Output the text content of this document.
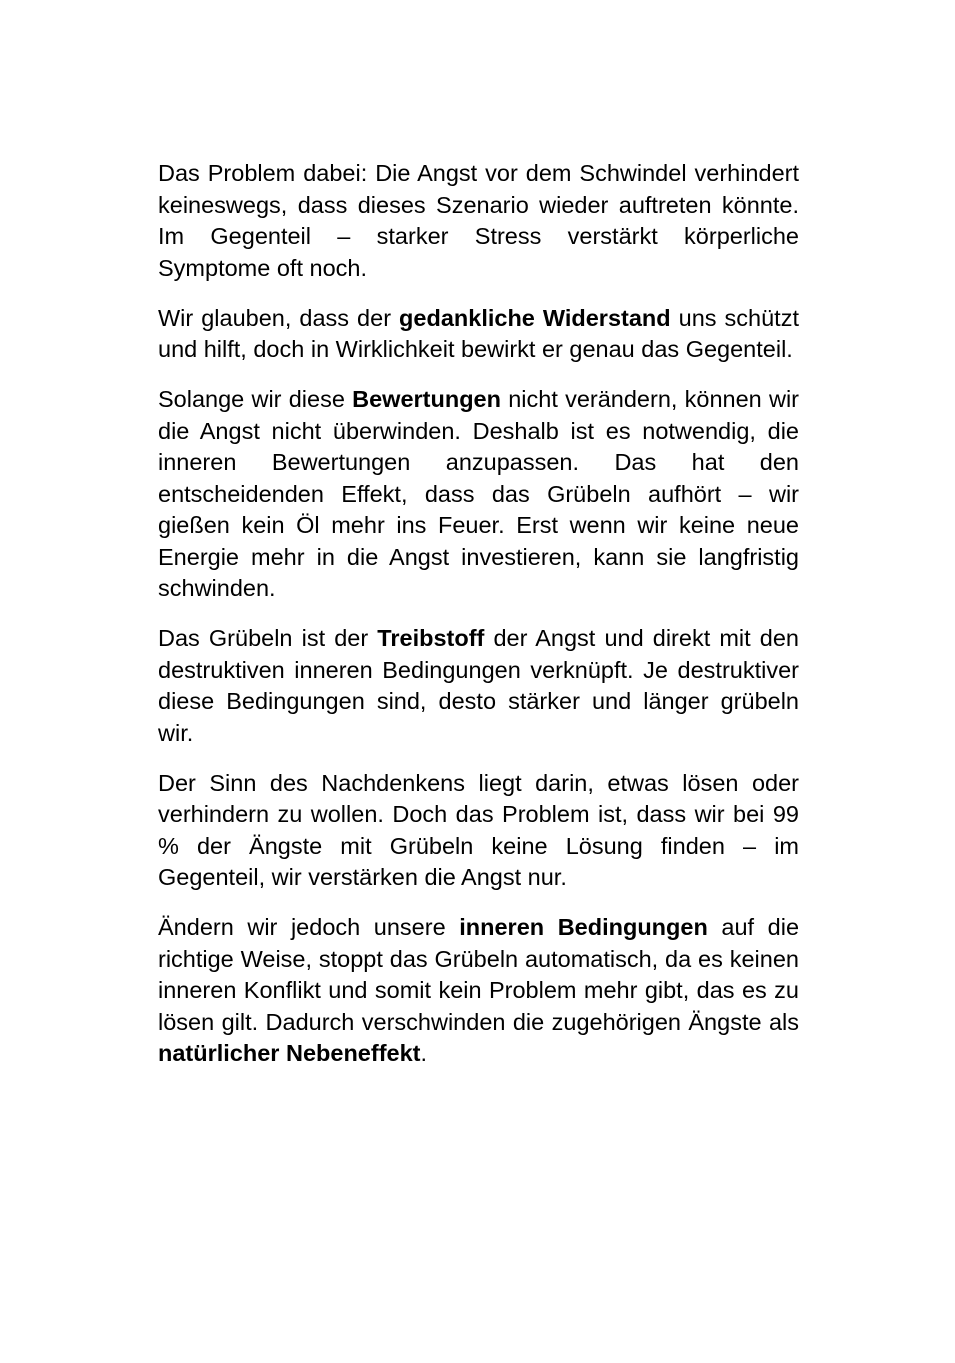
Das Problem dabei: Die Angst vor dem Schwindel verhindert keineswegs, dass dieses Szenario wieder auftreten könnte. Im Gegenteil – starker Stress verstärkt körperliche Symptome oft noch.

Wir glauben, dass der gedankliche Widerstand uns schützt und hilft, doch in Wirklichkeit bewirkt er genau das Gegenteil.

Solange wir diese Bewertungen nicht verändern, können wir die Angst nicht überwinden. Deshalb ist es notwendig, die inneren Bewertungen anzupassen. Das hat den entscheidenden Effekt, dass das Grübeln aufhört – wir gießen kein Öl mehr ins Feuer. Erst wenn wir keine neue Energie mehr in die Angst investieren, kann sie langfristig schwinden.

Das Grübeln ist der Treibstoff der Angst und direkt mit den destruktiven inneren Bedingungen verknüpft. Je destruktiver diese Bedingungen sind, desto stärker und länger grübeln wir.

Der Sinn des Nachdenkens liegt darin, etwas lösen oder verhindern zu wollen. Doch das Problem ist, dass wir bei 99 % der Ängste mit Grübeln keine Lösung finden – im Gegenteil, wir verstärken die Angst nur.

Ändern wir jedoch unsere inneren Bedingungen auf die richtige Weise, stoppt das Grübeln automatisch, da es keinen inneren Konflikt und somit kein Problem mehr gibt, das es zu lösen gilt. Dadurch verschwinden die zugehörigen Ängste als natürlicher Nebeneffekt.
